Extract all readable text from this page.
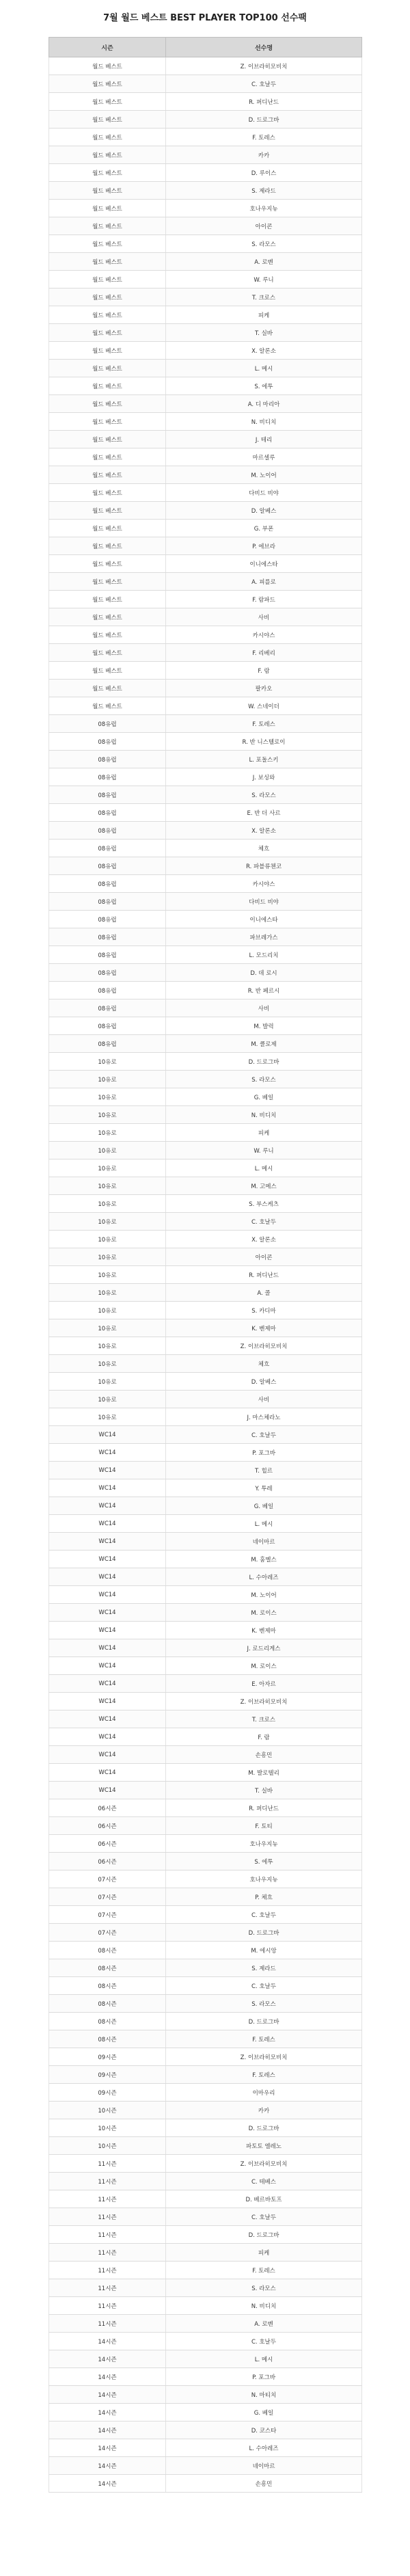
7월 월드 베스트 BEST PLAYER TOP100 선수팩
시즌	선수명
월드 베스트	Z. 이브라히모비치
월드 베스트	C. 호날두
월드 베스트	R. 퍼디난드
월드 베스트	D. 드로그바
월드 베스트	F. 토레스
월드 베스트	카카
월드 베스트	D. 루이스
월드 베스트	S. 제라드
월드 베스트	호나우지뉴
월드 베스트	아이콘
월드 베스트	S. 라모스
월드 베스트	A. 로벤
월드 베스트	W. 루니
월드 베스트	T. 크로스
월드 베스트	피케
월드 베스트	T. 실바
월드 베스트	X. 알론소
월드 베스트	L. 메시
월드 베스트	S. 에투
월드 베스트	A. 디 마리아
월드 베스트	N. 비디치
월드 베스트	J. 테리
월드 베스트	마르셀루
월드 베스트	M. 노이어
월드 베스트	다비드 비야
월드 베스트	D. 알베스
월드 베스트	G. 부폰
월드 베스트	P. 에브라
월드 베스트	이니에스타
월드 베스트	A. 피를로
월드 베스트	F. 람파드
월드 베스트	사비
월드 베스트	카시야스
월드 베스트	F. 리베리
월드 베스트	F. 람
월드 베스트	팔카오
월드 베스트	W. 스네이더
08유럽	F. 토레스
08유럽	R. 반 니스텔로이
08유럽	L. 포돌스키
08유럽	J. 보싱와
08유럽	S. 라모스
08유럽	E. 반 더 사르
08유럽	X. 알론소
08유럽	체흐
08유럽	R. 파블류첸코
08유럽	카시야스
08유럽	다비드 비야
08유럽	이니에스타
08유럽	파브레가스
08유럽	L. 모드리치
08유럽	D. 데 로시
08유럽	R. 반 페르시
08유럽	사비
08유럽	M. 발럭
08유럽	M. 클로제
10유로	D. 드로그바
10유로	S. 라모스
10유로	G. 베일
10유로	N. 비디치
10유로	피케
10유로	W. 루니
10유로	L. 메시
10유로	M. 고메스
10유로	S. 부스케츠
10유로	C. 호날두
10유로	X. 알론소
10유로	아이콘
10유로	R. 퍼디난드
10유로	A. 콜
10유로	S. 카디마
10유로	K. 벤제마
10유로	Z. 이브라히모비치
10유로	체흐
10유로	D. 알베스
10유로	사비
10유로	J. 마스체라노
WC14	C. 호날두
WC14	P. 포그바
WC14	T. 힐르
WC14	Y. 투레
WC14	G. 베일
WC14	L. 메시
WC14	네이마르
WC14	M. 훔멜스
WC14	L. 수아레즈
WC14	M. 노이어
WC14	M. 로이스
WC14	K. 벤제마
WC14	J. 로드리게스
WC14	M. 로이스
WC14	E. 아자르
WC14	Z. 이브라히모비치
WC14	T. 크로스
WC14	F. 람
WC14	손흥민
WC14	M. 발로텔리
WC14	T. 실바
06시즌	R. 퍼디난드
06시즌	F. 토티
06시즌	호나우지뉴
06시즌	S. 에투
07시즌	호나우지뉴
07시즌	P. 체흐
07시즌	C. 호날두
07시즌	D. 드로그바
08시즌	M. 에시앙
08시즌	S. 제라드
08시즌	C. 호날두
08시즌	S. 라모스
08시즌	D. 드로그바
08시즌	F. 토레스
09시즌	Z. 이브라히모비치
09시즌	F. 토레스
09시즌	이마우리
10시즌	카카
10시즌	D. 드로그바
10시즌	파토토 엘레노
11시즌	Z. 이브라히모비치
11시즌	C. 테베스
11시즌	D. 베르바토프
11시즌	C. 호날두
11시즌	D. 드로그바
11시즌	피케
11시즌	F. 토레스
11시즌	S. 라모스
11시즌	N. 비디치
11시즌	A. 로벤
14시즌	C. 호날두
14시즌	L. 메시
14시즌	P. 포그바
14시즌	N. 마티치
14시즌	G. 베일
14시즌	D. 코스타
14시즌	L. 수아레즈
14시즌	네이마르
14시즌	손흥민
